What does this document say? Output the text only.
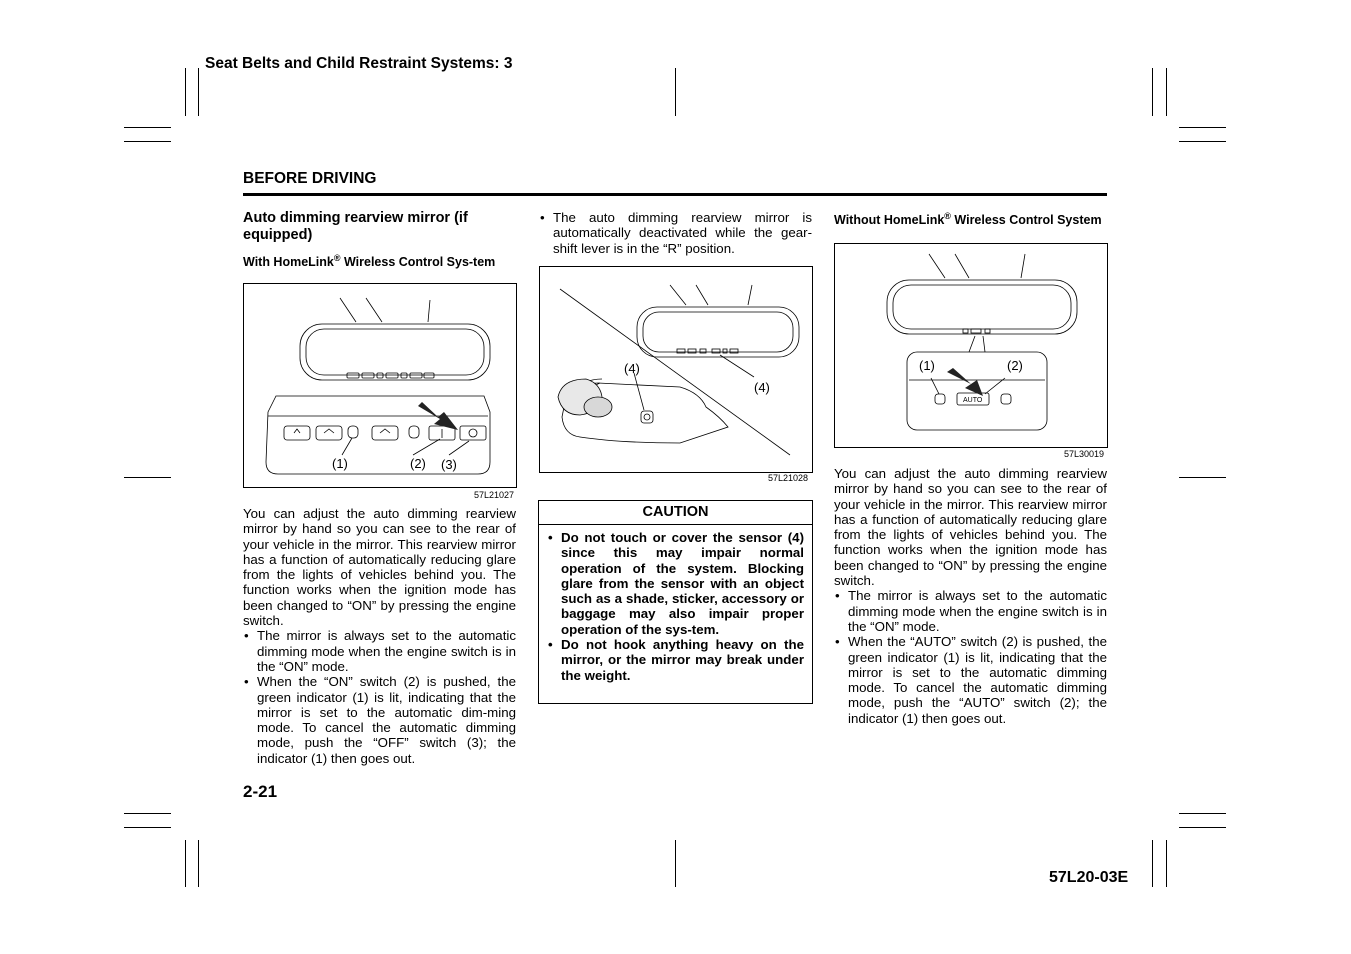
Seat Belts and Child Restraint Systems: 3
BEFORE DRIVING
Auto dimming rearview mirror (if equipped)
With HomeLink® Wireless Control Sys-tem
(1)	(2) (3)
57L21027
You can adjust the auto dimming rearview mirror by hand so you can see to the rear of your vehicle in the mirror. This rearview mirror has a function of automatically reducing glare from the lights of vehicles behind you. The function works when the ignition mode has been changed to “ON” by pressing the engine switch.
• The mirror is always set to the automatic dimming mode when the engine switch is in the “ON” mode.
• When the “ON” switch (2) is pushed, the green indicator (1) is lit, indicating that the mirror is set to the automatic dim-ming mode. To cancel the automatic dimming mode, push the “OFF” switch (3); the indicator (1) then goes out.
• The auto dimming rearview mirror is automatically deactivated while the gear-shift lever is in the “R” position.
(4)
(4)
57L21028
CAUTION
• Do not touch or cover the sensor (4) since this may impair normal operation of the system. Blocking glare from the sensor with an object such as a shade, sticker, accessory or baggage may also impair proper operation of the sys-tem.
• Do not hook anything heavy on the mirror, or the mirror may break under the weight.
Without HomeLink® Wireless Control System
AUTO
(1)	(2)
57L30019
You can adjust the auto dimming rearview mirror by hand so you can see to the rear of your vehicle in the mirror. This rearview mirror has a function of automatically reducing glare from the lights of vehicles behind you. The function works when the ignition mode has been changed to “ON” by pressing the engine switch.
• The mirror is always set to the automatic dimming mode when the engine switch is in the “ON” mode.
• When the “AUTO” switch (2) is pushed, the green indicator (1) is lit, indicating that the mirror is set to the automatic dimming mode. To cancel the automatic dimming mode, push the “AUTO” switch (2); the indicator (1) then goes out.
2-21
57L20-03E
